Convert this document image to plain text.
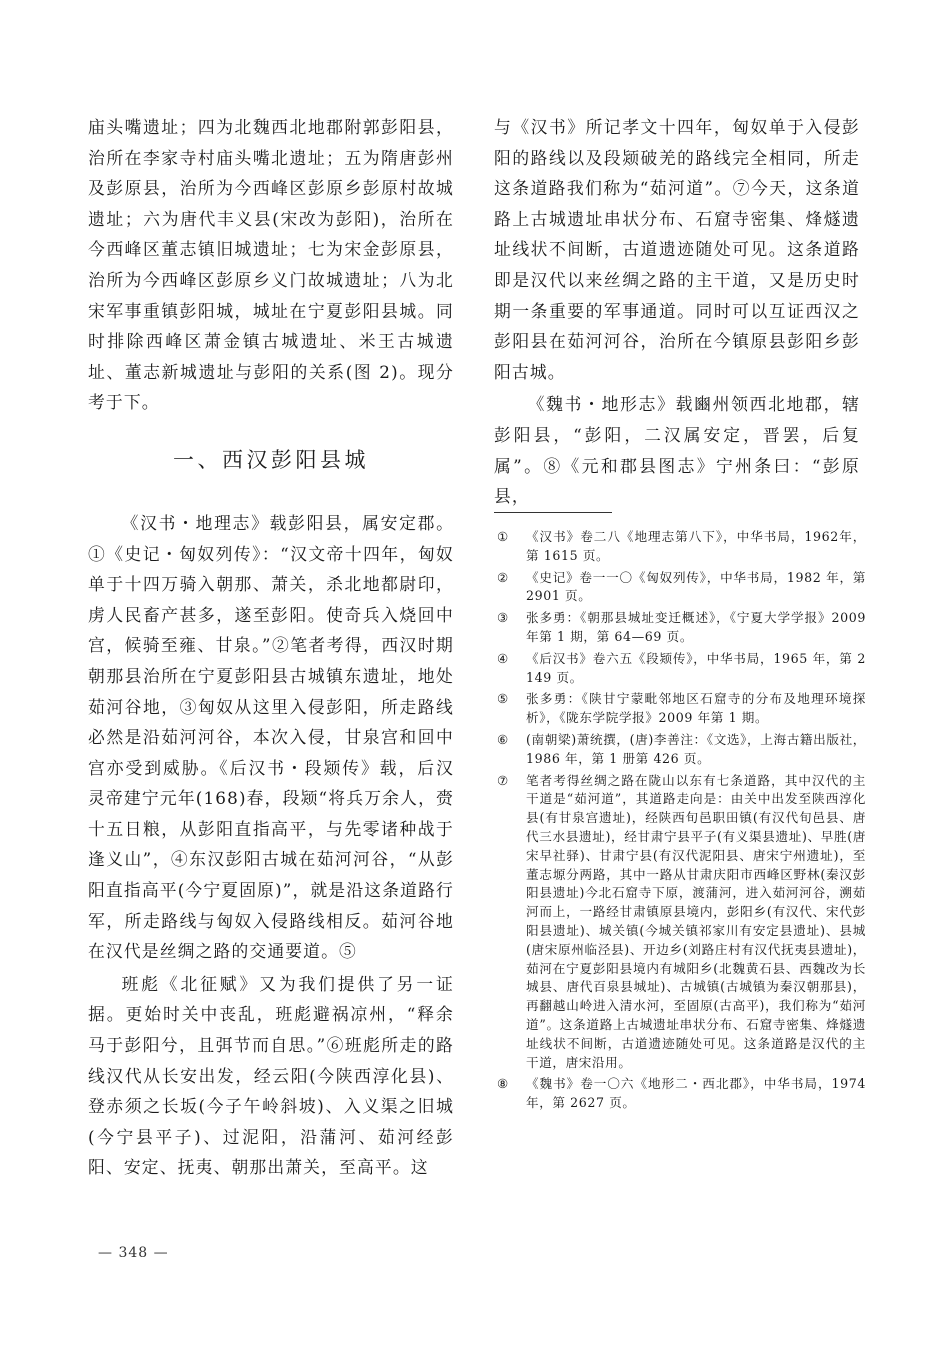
庙头嘴遗址；四为北魏西北地郡附郭彭阳县，治所在李家寺村庙头嘴北遗址；五为隋唐彭州及彭原县，治所为今西峰区彭原乡彭原村故城遗址；六为唐代丰义县(宋改为彭阳)，治所在今西峰区董志镇旧城遗址；七为宋金彭原县，治所为今西峰区彭原乡义门故城遗址；八为北宋军事重镇彭阳城，城址在宁夏彭阳县城。同时排除西峰区萧金镇古城遗址、米王古城遗址、董志新城遗址与彭阳的关系(图 2)。现分考于下。

一、西汉彭阳县城

《汉书・地理志》载彭阳县，属安定郡。①《史记・匈奴列传》：“汉文帝十四年，匈奴单于十四万骑入朝那、萧关，杀北地都尉印，虏人民畜产甚多，遂至彭阳。使奇兵入烧回中宫，候骑至雍、甘泉。”②笔者考得，西汉时期朝那县治所在宁夏彭阳县古城镇东遗址，地处茹河谷地，③匈奴从这里入侵彭阳，所走路线必然是沿茹河河谷，本次入侵，甘泉宫和回中宫亦受到威胁。《后汉书・段颎传》载，后汉灵帝建宁元年(168)春，段颎“将兵万余人，赍十五日粮，从彭阳直指高平，与先零诸种战于逢义山”，④东汉彭阳古城在茹河河谷，“从彭阳直指高平(今宁夏固原)”，就是沿这条道路行军，所走路线与匈奴入侵路线相反。茹河谷地在汉代是丝绸之路的交通要道。⑤

班彪《北征赋》又为我们提供了另一证据。更始时关中丧乱，班彪避祸凉州，“释余马于彭阳兮，且弭节而自思。”⑥班彪所走的路线汉代从长安出发，经云阳(今陕西淳化县)、登赤须之长坂(今子午岭斜坡)、入义渠之旧城(今宁县平子)、过泥阳，沿蒲河、茹河经彭阳、安定、抚夷、朝那出萧关，至高平。这

与《汉书》所记孝文十四年，匈奴单于入侵彭阳的路线以及段颎破羌的路线完全相同，所走这条道路我们称为“茹河道”。⑦今天，这条道路上古城遗址串状分布、石窟寺密集、烽燧遗址线状不间断，古道遗迹随处可见。这条道路即是汉代以来丝绸之路的主干道，又是历史时期一条重要的军事通道。同时可以互证西汉之彭阳县在茹河河谷，治所在今镇原县彭阳乡彭阳古城。

《魏书・地形志》载豳州领西北地郡，辖彭阳县，“彭阳，二汉属安定，晋罢，后复属”。⑧《元和郡县图志》宁州条曰：“彭原县，

① 《汉书》卷二八《地理志第八下》，中华书局，1962年，第 1615 页。
② 《史记》卷一一〇《匈奴列传》，中华书局，1982 年，第 2901 页。
③ 张多勇：《朝那县城址变迁概述》，《宁夏大学学报》2009 年第 1 期，第 64—69 页。
④ 《后汉书》卷六五《段颎传》，中华书局，1965 年，第 2149 页。
⑤ 张多勇：《陕甘宁蒙毗邻地区石窟寺的分布及地理环境探析》，《陇东学院学报》2009 年第 1 期。
⑥ (南朝梁)萧统撰，(唐)李善注：《文选》，上海古籍出版社，1986 年，第 1 册第 426 页。
⑦ 笔者考得丝绸之路在陇山以东有七条道路，其中汉代的主干道是“茹河道”，其道路走向是：由关中出发至陕西淳化县(有甘泉宫遗址)，经陕西旬邑职田镇(有汉代旬邑县、唐代三水县遗址)，经甘肃宁县平子(有义渠县遗址)、早胜(唐宋早社驿)、甘肃宁县(有汉代泥阳县、唐宋宁州遗址)，至董志塬分两路，其中一路从甘肃庆阳市西峰区野林(秦汉彭阳县遗址)今北石窟寺下原，渡蒲河，进入茹河河谷，溯茹河而上，一路经甘肃镇原县境内，彭阳乡(有汉代、宋代彭阳县遗址)、城关镇(今城关镇祁家川有安定县遗址)、县城(唐宋原州临泾县)、开边乡(刘路庄村有汉代抚夷县遗址)，茹河在宁夏彭阳县境内有城阳乡(北魏黄石县、西魏改为长城县、唐代百泉县城址)、古城镇(古城镇为秦汉朝那县)，再翻越山岭进入清水河，至固原(古高平)，我们称为“茹河道”。这条道路上古城遗址串状分布、石窟寺密集、烽燧遗址线状不间断，古道遗迹随处可见。这条道路是汉代的主干道，唐宋沿用。
⑧ 《魏书》卷一〇六《地形二・西北郡》，中华书局，1974 年，第 2627 页。
— 348 —
